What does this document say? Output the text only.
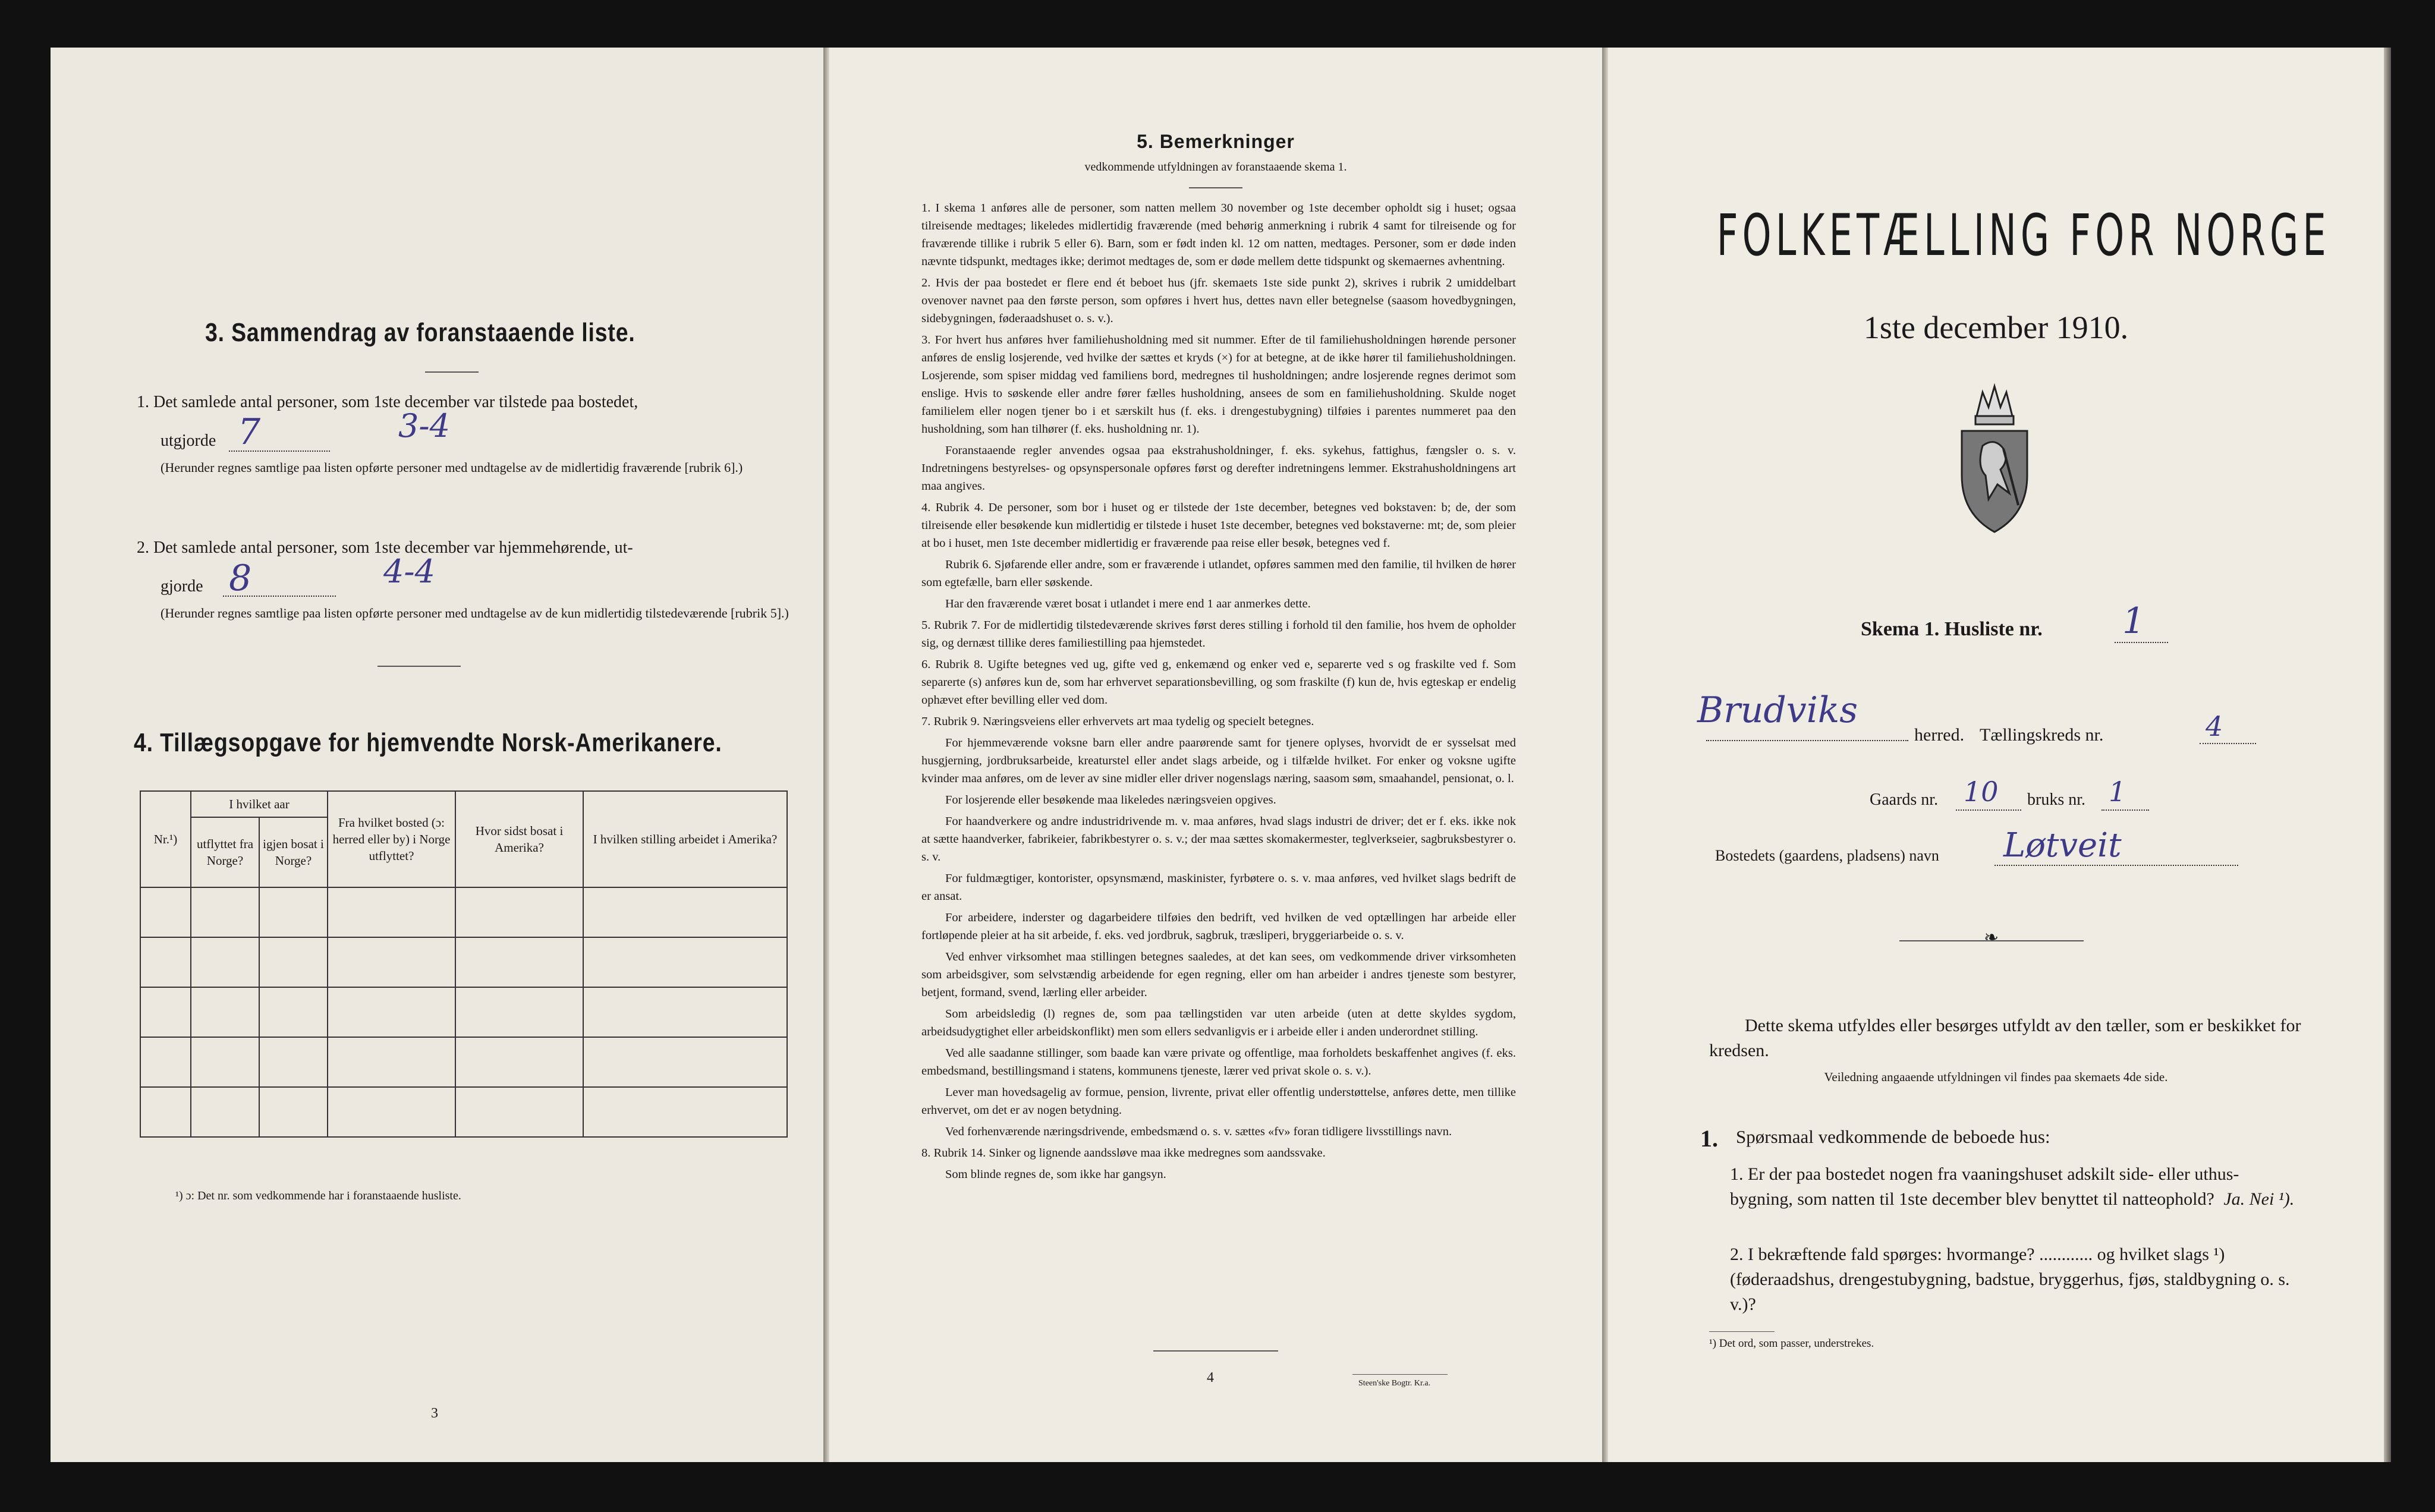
3. Sammendrag av foranstaaende liste.
1. Det samlede antal personer, som 1ste december var tilstede paa bostedet,
utgjorde 7	3-4
(Herunder regnes samtlige paa listen opførte personer med undtagelse av de midlertidig fraværende [rubrik 6].)
2. Det samlede antal personer, som 1ste december var hjemmehørende, ut-
gjorde 8	4-4
(Herunder regnes samtlige paa listen opførte personer med undtagelse av de kun midlertidig tilstedeværende [rubrik 5].)
4. Tillægsopgave for hjemvendte Norsk-Amerikanere.
Nr.¹)	I hvilket aar		Fra hvilket bosted (ɔ: herred eller by) i Norge utflyttet?	Hvor sidst bosat i Amerika?	I hvilken stilling arbeidet i Amerika?
	utflyttet fra Norge?	igjen bosat i Norge?			

¹) ɔ: Det nr. som vedkommende har i foranstaaende husliste.
3
5. Bemerkninger
vedkommende utfyldningen av foranstaaende skema 1.

1. I skema 1 anføres alle de personer, som natten mellem 30 november og 1ste december opholdt sig i huset; ogsaa tilreisende medtages; likeledes midlertidig fraværende (med behørig anmerkning i rubrik 4 samt for tilreisende og for fraværende tillike i rubrik 5 eller 6). Barn, som er født inden kl. 12 om natten, medtages. Personer, som er døde inden nævnte tidspunkt, medtages ikke; derimot medtages de, som er døde mellem dette tidspunkt og skemaernes avhentning.

2. Hvis der paa bostedet er flere end ét beboet hus (jfr. skemaets 1ste side punkt 2), skrives i rubrik 2 umiddelbart ovenover navnet paa den første person, som opføres i hvert hus, dettes navn eller betegnelse (saasom hovedbygningen, sidebygningen, føderaadshuset o. s. v.).

3. For hvert hus anføres hver familiehusholdning med sit nummer. Efter de til familiehusholdningen hørende personer anføres de enslig losjerende, ved hvilke der sættes et kryds (×) for at betegne, at de ikke hører til familiehusholdningen. Losjerende, som spiser middag ved familiens bord, medregnes til husholdningen; andre losjerende regnes derimot som enslige. Hvis to søskende eller andre fører fælles husholdning, ansees de som en familiehusholdning. Skulde noget familielem eller nogen tjener bo i et særskilt hus (f. eks. i drengestubygning) tilføies i parentes nummeret paa den husholdning, som han tilhører (f. eks. husholdning nr. 1).

Foranstaaende regler anvendes ogsaa paa ekstrahusholdninger, f. eks. sykehus, fattighus, fængsler o. s. v. Indretningens bestyrelses- og opsynspersonale opføres først og derefter indretningens lemmer. Ekstrahusholdningens art maa angives.

4. Rubrik 4. De personer, som bor i huset og er tilstede der 1ste december, betegnes ved bokstaven: b; de, der som tilreisende eller besøkende kun midlertidig er tilstede i huset 1ste december, betegnes ved bokstaverne: mt; de, som pleier at bo i huset, men 1ste december midlertidig er fraværende paa reise eller besøk, betegnes ved f.

Rubrik 6. Sjøfarende eller andre, som er fraværende i utlandet, opføres sammen med den familie, til hvilken de hører som egtefælle, barn eller søskende.

Har den fraværende været bosat i utlandet i mere end 1 aar anmerkes dette.

5. Rubrik 7. For de midlertidig tilstedeværende skrives først deres stilling i forhold til den familie, hos hvem de opholder sig, og dernæst tillike deres familiestilling paa hjemstedet.

6. Rubrik 8. Ugifte betegnes ved ug, gifte ved g, enkemænd og enker ved e, separerte ved s og fraskilte ved f. Som separerte (s) anføres kun de, som har erhvervet separationsbevilling, og som fraskilte (f) kun de, hvis egteskap er endelig ophævet efter bevilling eller ved dom.

7. Rubrik 9. Næringsveiens eller erhvervets art maa tydelig og specielt betegnes.

For hjemmeværende voksne barn eller andre paarørende samt for tjenere oplyses, hvorvidt de er sysselsat med husgjerning, jordbruksarbeide, kreaturstel eller andet slags arbeide, og i tilfælde hvilket. For enker og voksne ugifte kvinder maa anføres, om de lever av sine midler eller driver nogenslags næring, saasom søm, smaahandel, pensionat, o. l.

For losjerende eller besøkende maa likeledes næringsveien opgives.

For haandverkere og andre industridrivende m. v. maa anføres, hvad slags industri de driver; det er f. eks. ikke nok at sætte haandverker, fabrikeier, fabrikbestyrer o. s. v.; der maa sættes skomakermester, teglverkseier, sagbruksbestyrer o. s. v.

For fuldmægtiger, kontorister, opsynsmænd, maskinister, fyrbøtere o. s. v. maa anføres, ved hvilket slags bedrift de er ansat.

For arbeidere, inderster og dagarbeidere tilføies den bedrift, ved hvilken de ved optællingen har arbeide eller fortløpende pleier at ha sit arbeide, f. eks. ved jordbruk, sagbruk, træsliperi, bryggeriarbeide o. s. v.

Ved enhver virksomhet maa stillingen betegnes saaledes, at det kan sees, om vedkommende driver virksomheten som arbeidsgiver, som selvstændig arbeidende for egen regning, eller om han arbeider i andres tjeneste som bestyrer, betjent, formand, svend, lærling eller arbeider.

Som arbeidsledig (l) regnes de, som paa tællingstiden var uten arbeide (uten at dette skyldes sygdom, arbeidsudygtighet eller arbeidskonflikt) men som ellers sedvanligvis er i arbeide eller i anden underordnet stilling.

Ved alle saadanne stillinger, som baade kan være private og offentlige, maa forholdets beskaffenhet angives (f. eks. embedsmand, bestillingsmand i statens, kommunens tjeneste, lærer ved privat skole o. s. v.).

Lever man hovedsagelig av formue, pension, livrente, privat eller offentlig understøttelse, anføres dette, men tillike erhvervet, om det er av nogen betydning.

Ved forhenværende næringsdrivende, embedsmænd o. s. v. sættes «fv» foran tidligere livsstillings navn.

8. Rubrik 14. Sinker og lignende aandssløve maa ikke medregnes som aandssvake.

Som blinde regnes de, som ikke har gangsyn.

4	Steen'ske Bogtr. Kr.a.
FOLKETÆLLING FOR NORGE
1ste december 1910.
Skema 1. Husliste nr. 1
Brudviks
herred. Tællingskreds nr.	4
Gaards nr. 10 bruks nr. 1
Bostedets (gaardens, pladsens) navn Løtveit
❧
Dette skema utfyldes eller besørges utfyldt av den tæller, som er beskikket for kredsen.
Veiledning angaaende utfyldningen vil findes paa skemaets 4de side.
1. Spørsmaal vedkommende de beboede hus:
1. Er der paa bostedet nogen fra vaaningshuset adskilt side- eller uthus-bygning, som natten til 1ste december blev benyttet til natteophold? Ja. Nei ¹).
2. I bekræftende fald spørges: hvormange? ............ og hvilket slags ¹) (føderaadshus, drengestubygning, badstue, bryggerhus, fjøs, staldbygning o. s. v.)?
¹) Det ord, som passer, understrekes.
